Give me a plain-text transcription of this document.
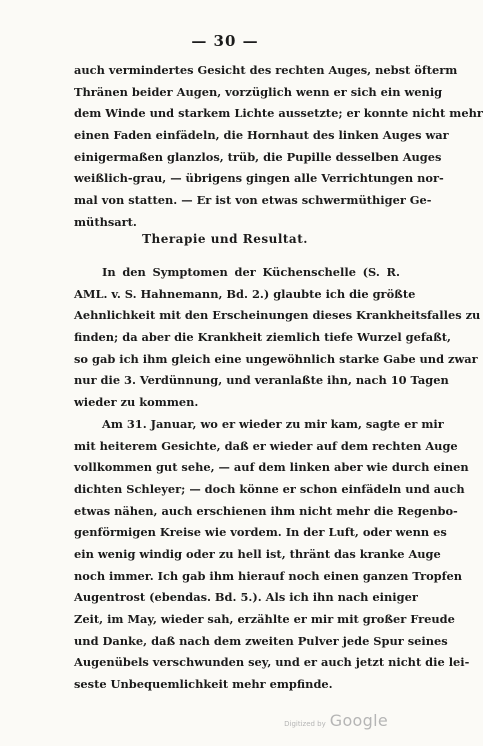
— 30 —
auch vermindertes Gesicht des rechten Auges, nebst öfterm
Thränen beider Augen, vorzüglich wenn er sich ein wenig
dem Winde und starkem Lichte aussetzte; er konnte nicht mehr
einen Faden einfädeln, die Hornhaut des linken Auges war
einigermaßen glanzlos, trüb, die Pupille desselben Auges
weißlich-grau, — übrigens gingen alle Verrichtungen nor-
mal von statten. — Er ist von etwas schwermüthiger Ge-
müthsart.
Therapie und Resultat.
In den Symptomen der Küchenschelle (S. R.
AML. v. S. Hahnemann, Bd. 2.) glaubte ich die größte
Aehnlichkeit mit den Erscheinungen dieses Krankheitsfalles zu
finden; da aber die Krankheit ziemlich tiefe Wurzel gefaßt,
so gab ich ihm gleich eine ungewöhnlich starke Gabe und zwar
nur die 3. Verdünnung, und veranlaßte ihn, nach 10 Tagen
wieder zu kommen.
Am 31. Januar, wo er wieder zu mir kam, sagte er mir
mit heiterem Gesichte, daß er wieder auf dem rechten Auge
vollkommen gut sehe, — auf dem linken aber wie durch einen
dichten Schleyer; — doch könne er schon einfädeln und auch
etwas nähen, auch erschienen ihm nicht mehr die Regenbo-
genförmigen Kreise wie vordem. In der Luft, oder wenn es
ein wenig windig oder zu hell ist, thränt das kranke Auge
noch immer. Ich gab ihm hierauf noch einen ganzen Tropfen
Augentrost (ebendas. Bd. 5.). Als ich ihn nach einiger
Zeit, im May, wieder sah, erzählte er mir mit großer Freude
und Danke, daß nach dem zweiten Pulver jede Spur seines
Augenübels verschwunden sey, und er auch jetzt nicht die lei-
seste Unbequemlichkeit mehr empfinde.
Digitized by Google
